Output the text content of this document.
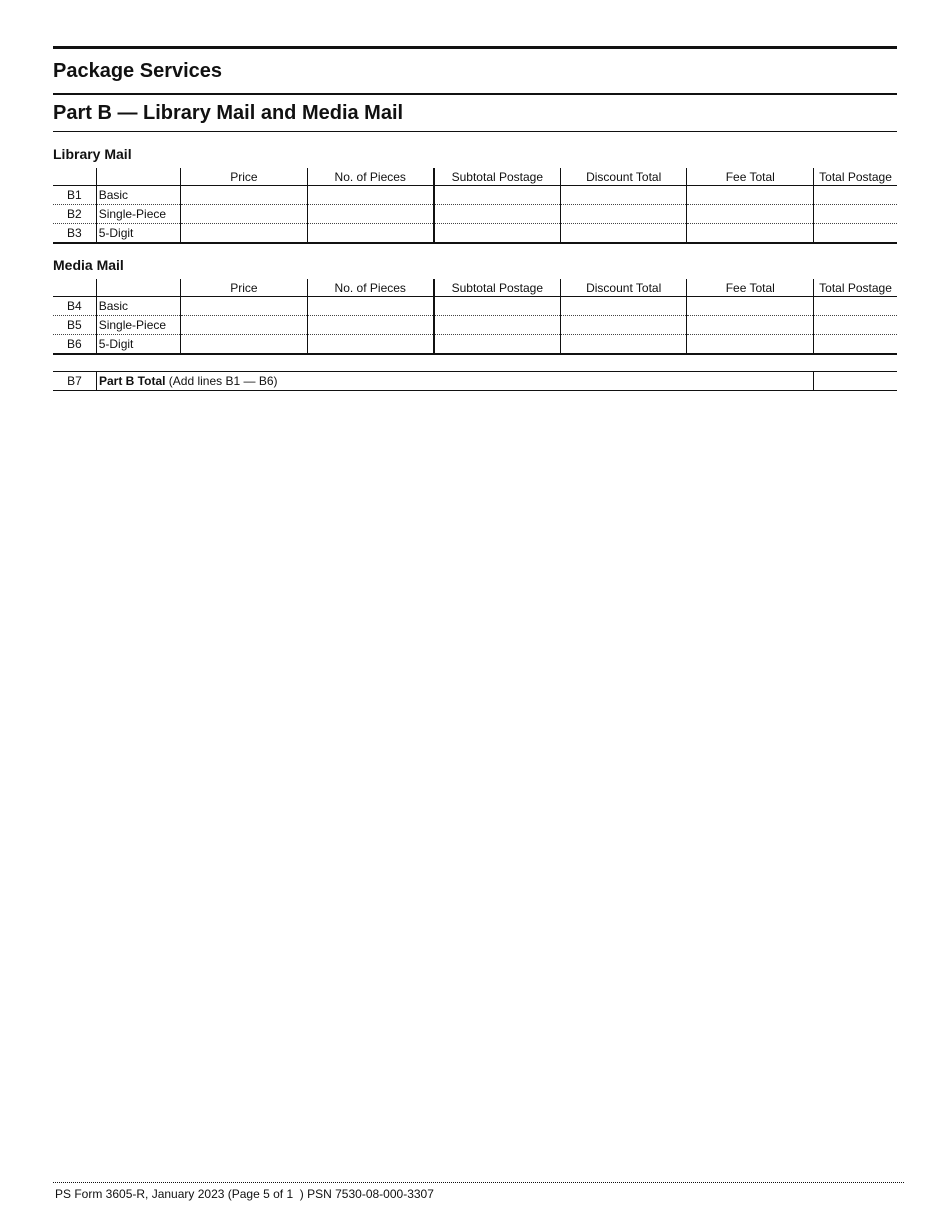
Package Services
Part B — Library Mail and Media Mail
Library Mail
		Price	No. of Pieces	Subtotal Postage	Discount Total	Fee Total	Total Postage
B1	Basic						
B2	Single-Piece						
B3	5-Digit						
Media Mail
		Price	No. of Pieces	Subtotal Postage	Discount Total	Fee Total	Total Postage
B4	Basic						
B5	Single-Piece						
B6	5-Digit						
B7	Part B Total (Add lines B1 — B6)	
PS Form 3605-R, January 2023 (Page 5 of 1  ) PSN 7530-08-000-3307
